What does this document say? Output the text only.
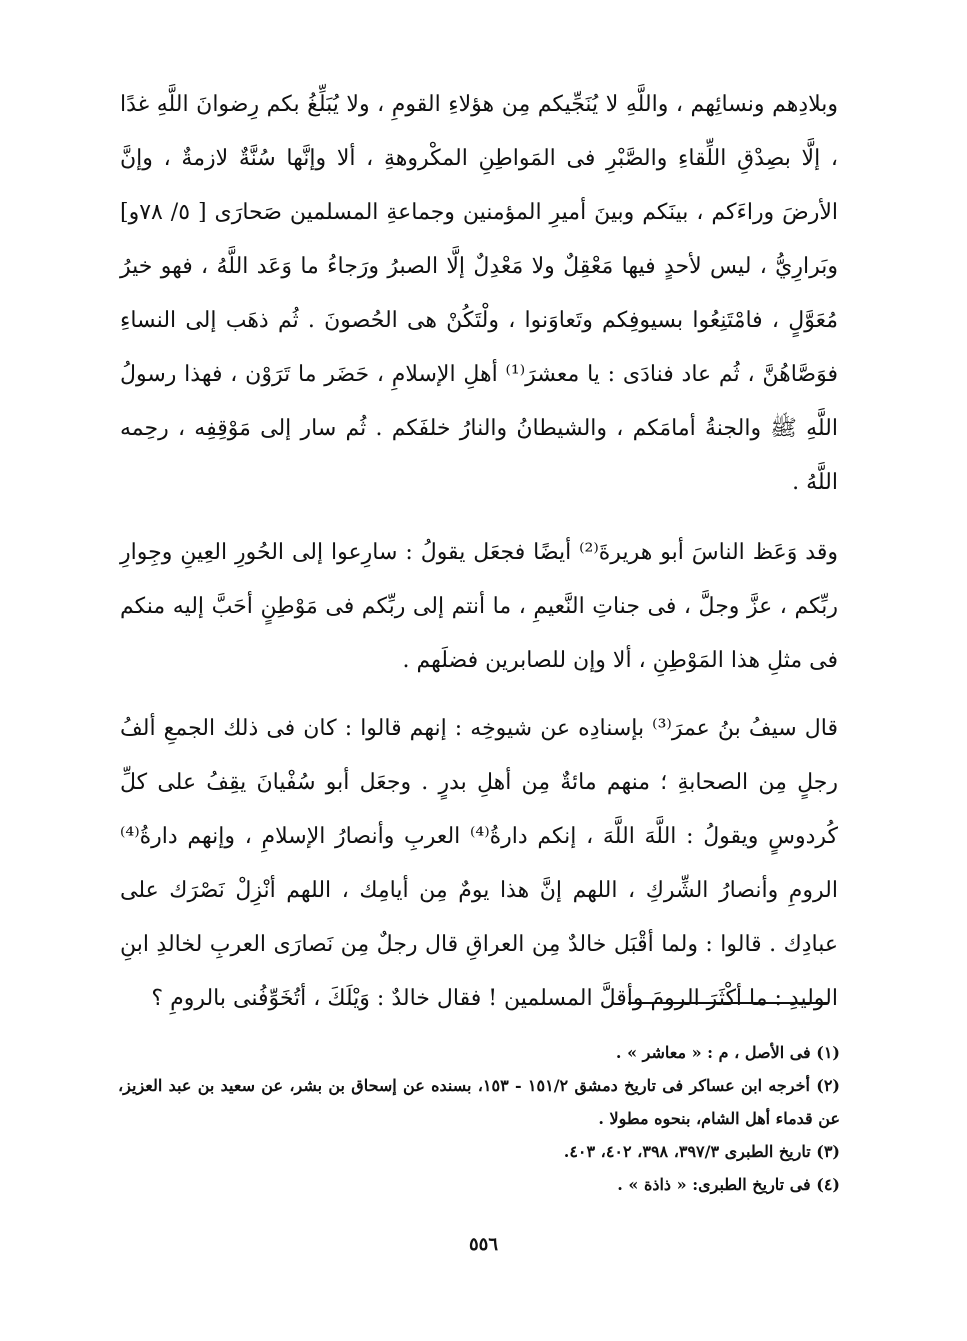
وبلادِهم ونسائِهم ، واللَّهِ لا يُنَجِّيكم مِن هؤلاءِ القومِ ، ولا يُبَلِّغُ بكم رِضوانَ اللَّهِ غدًا ، إلَّا بصِدْقِ اللِّقاءِ والصَّبْرِ فى المَواطِنِ المكْروهةِ ، ألا وإنَّها سُنَّةٌ لازمةٌ ، وإنَّ الأرضَ وراءَكم ، بينَكم وبينَ أميرِ المؤمنين وجماعةِ المسلمين صَحارَى [ ٥/ ٧٨و] وبَرارِيُّ ، ليس لأحدٍ فيها مَعْقِلٌ ولا مَعْدِلٌ إلَّا الصبرُ ورَجاءُ ما وَعَد اللَّهُ ، فهو خيرُ مُعَوَّلٍ ، فامْتَنِعُوا بسيوفِكم وتَعاوَنوا ، ولْتَكُنْ هى الحُصونَ . ثُم ذهَب إلى النساءِ فوَصَّاهُنَّ ، ثُم عاد فنادَى : يا معشرَ⁽¹⁾ أهلِ الإسلامِ ، حَضَر ما تَرَوْن ، فهذا رسولُ اللَّهِ ﷺ والجنةُ أمامَكم ، والشيطانُ والنارُ خلفَكم . ثُم سار إلى مَوْقِفِه ، رحِمه اللَّهُ .

وقد وَعَظ الناسَ أبو هريرةَ⁽²⁾ أيضًا فجعَل يقولُ : سارِعوا إلى الحُورِ العِينِ وجِوارِ ربِّكم ، عزَّ وجلَّ ، فى جناتِ النَّعيمِ ، ما أنتم إلى ربِّكم فى مَوْطِنٍ أحَبَّ إليه منكم فى مثلِ هذا المَوْطِنِ ، ألا وإن للصابرين فضلَهم .

قال سيفُ بنُ عمرَ⁽³⁾ بإسنادِه عن شيوخِه : إنهم قالوا : كان فى ذلك الجمعِ ألفُ رجلٍ مِن الصحابةِ ؛ منهم مائةٌ مِن أهلِ بدرٍ . وجعَل أبو سُفْيانَ يقِفُ على كلِّ كُردوسٍ ويقولُ : اللَّهَ اللَّهَ ، إنكم دارةُ⁽⁴⁾ العربِ وأنصارُ الإسلامِ ، وإنهم دارةُ⁽⁴⁾ الرومِ وأنصارُ الشِّركِ ، اللهم إنَّ هذا يومٌ مِن أيامِك ، اللهم أنْزِلْ نَصْرَك على عبادِك . قالوا : ولما أقْبَل خالدٌ مِن العراقِ قال رجلٌ مِن نَصارَى العربِ لخالدِ ابنِ الوليدِ : ما أكْثَرَ الرومَ وأقلَّ المسلمين ! فقال خالدٌ : وَيْلَكَ ، أتُخَوِّفُنى بالرومِ ؟

(١) فى الأصل ، م : « معاشر » .

(٢) أخرجه ابن عساكر فى تاريخ دمشق ١٥١/٢ - ١٥٣، بسنده عن إسحاق بن بشر، عن سعيد بن عبد العزيز، عن قدماء أهل الشام، بنحوه مطولا .

(٣) تاريخ الطبرى ٣٩٧/٣، ٣٩٨، ٤٠٢، ٤٠٣.

(٤) فى تاريخ الطبرى: « ذاذة » .

٥٥٦
